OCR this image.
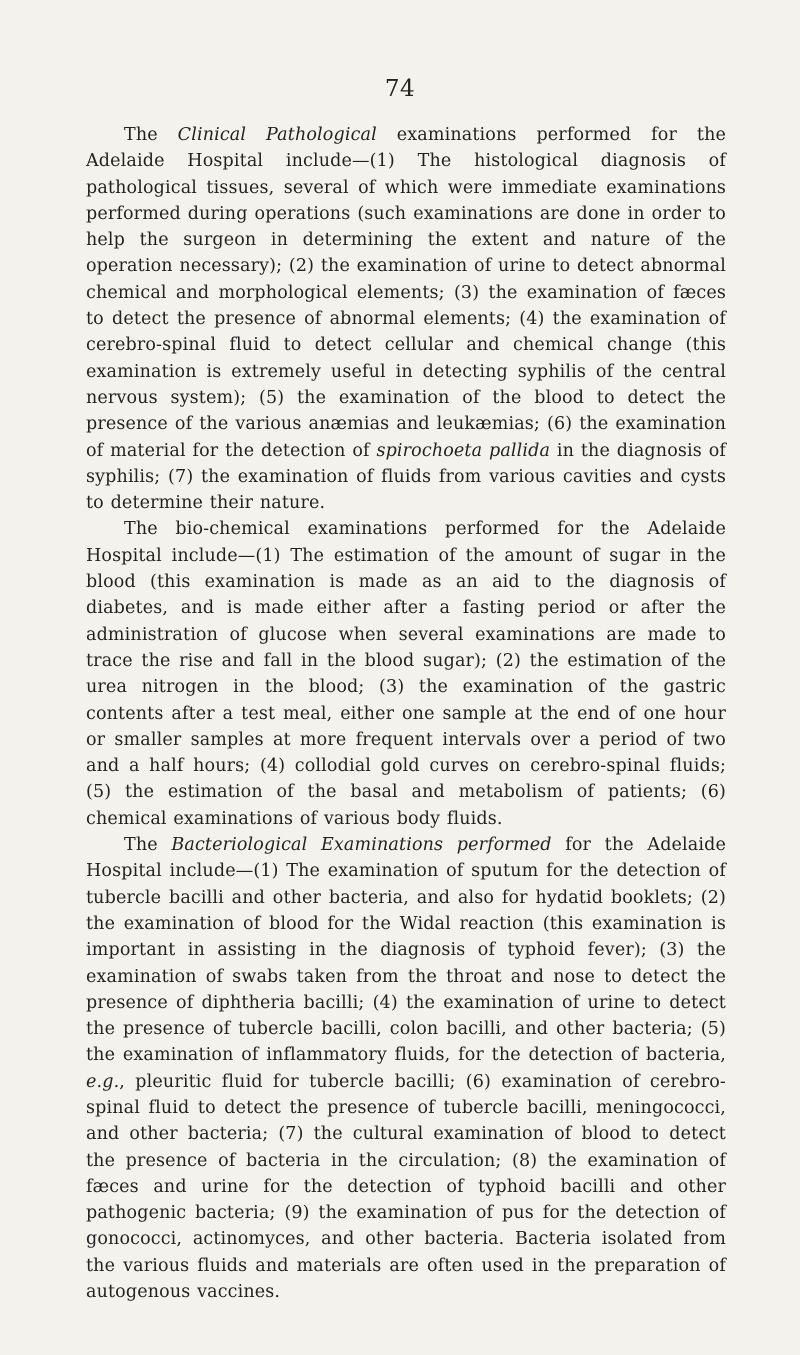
74

The Clinical Pathological examinations performed for the Adelaide Hospital include—(1) The histological diagnosis of pathological tissues, several of which were immediate examinations performed during operations (such examinations are done in order to help the surgeon in determining the extent and nature of the operation necessary); (2) the examination of urine to detect abnormal chemical and morphological elements; (3) the examination of fæces to detect the presence of abnormal elements; (4) the examination of cerebro-spinal fluid to detect cellular and chemical change (this examination is extremely useful in detecting syphilis of the central nervous system); (5) the examination of the blood to detect the presence of the various anæmias and leukæmias; (6) the examination of material for the detection of spirochoeta pallida in the diagnosis of syphilis; (7) the examination of fluids from various cavities and cysts to determine their nature.

The bio-chemical examinations performed for the Adelaide Hospital include—(1) The estimation of the amount of sugar in the blood (this examination is made as an aid to the diagnosis of diabetes, and is made either after a fasting period or after the administration of glucose when several examinations are made to trace the rise and fall in the blood sugar); (2) the estimation of the urea nitrogen in the blood; (3) the examination of the gastric contents after a test meal, either one sample at the end of one hour or smaller samples at more frequent intervals over a period of two and a half hours; (4) collodial gold curves on cerebro-spinal fluids; (5) the estimation of the basal and metabolism of patients; (6) chemical examinations of various body fluids.

The Bacteriological Examinations performed for the Adelaide Hospital include—(1) The examination of sputum for the detection of tubercle bacilli and other bacteria, and also for hydatid booklets; (2) the examination of blood for the Widal reaction (this examination is important in assisting in the diagnosis of typhoid fever); (3) the examination of swabs taken from the throat and nose to detect the presence of diphtheria bacilli; (4) the examination of urine to detect the presence of tubercle bacilli, colon bacilli, and other bacteria; (5) the examination of inflammatory fluids, for the detection of bacteria, e.g., pleuritic fluid for tubercle bacilli; (6) examination of cerebro-spinal fluid to detect the presence of tubercle bacilli, meningococci, and other bacteria; (7) the cultural examination of blood to detect the presence of bacteria in the circulation; (8) the examination of fæces and urine for the detection of typhoid bacilli and other pathogenic bacteria; (9) the examination of pus for the detection of gonococci, actinomyces, and other bacteria. Bacteria isolated from the various fluids and materials are often used in the preparation of autogenous vaccines.
